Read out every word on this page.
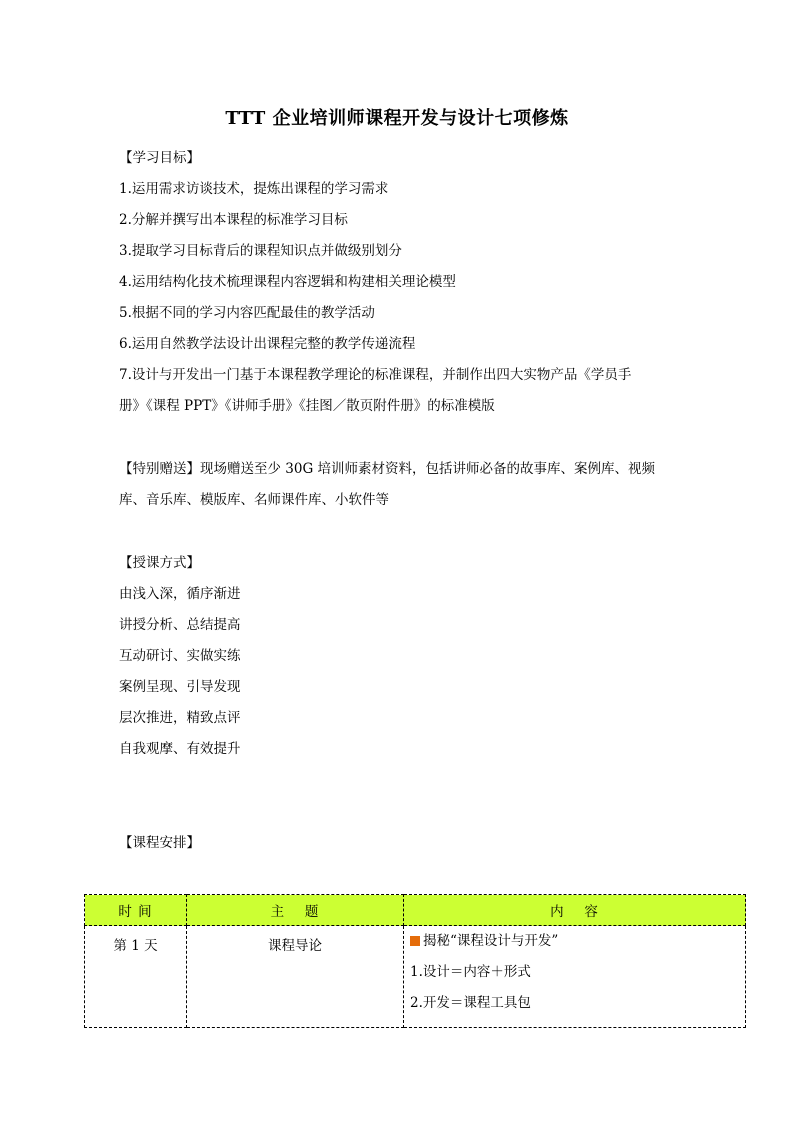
TTT 企业培训师课程开发与设计七项修炼
【学习目标】
1.运用需求访谈技术，提炼出课程的学习需求
2.分解并撰写出本课程的标准学习目标
3.提取学习目标背后的课程知识点并做级别划分
4.运用结构化技术梳理课程内容逻辑和构建相关理论模型
5.根据不同的学习内容匹配最佳的教学活动
6.运用自然教学法设计出课程完整的教学传递流程
7.设计与开发出一门基于本课程教学理论的标准课程，并制作出四大实物产品《学员手
册》《课程 PPT》《讲师手册》《挂图／散页附件册》的标准模版
【特别赠送】现场赠送至少 30G 培训师素材资料，包括讲师必备的故事库、案例库、视频
库、音乐库、模版库、名师课件库、小软件等
【授课方式】
由浅入深，循序渐进
讲授分析、总结提高
互动研讨、实做实练
案例呈现、引导发现
层次推进，精致点评
自我观摩、有效提升
【课程安排】
时 间	主　 题	内　 容
第 1 天	课程导论	揭秘“课程设计与开发”
1.设计＝内容＋形式
2.开发＝课程工具包
